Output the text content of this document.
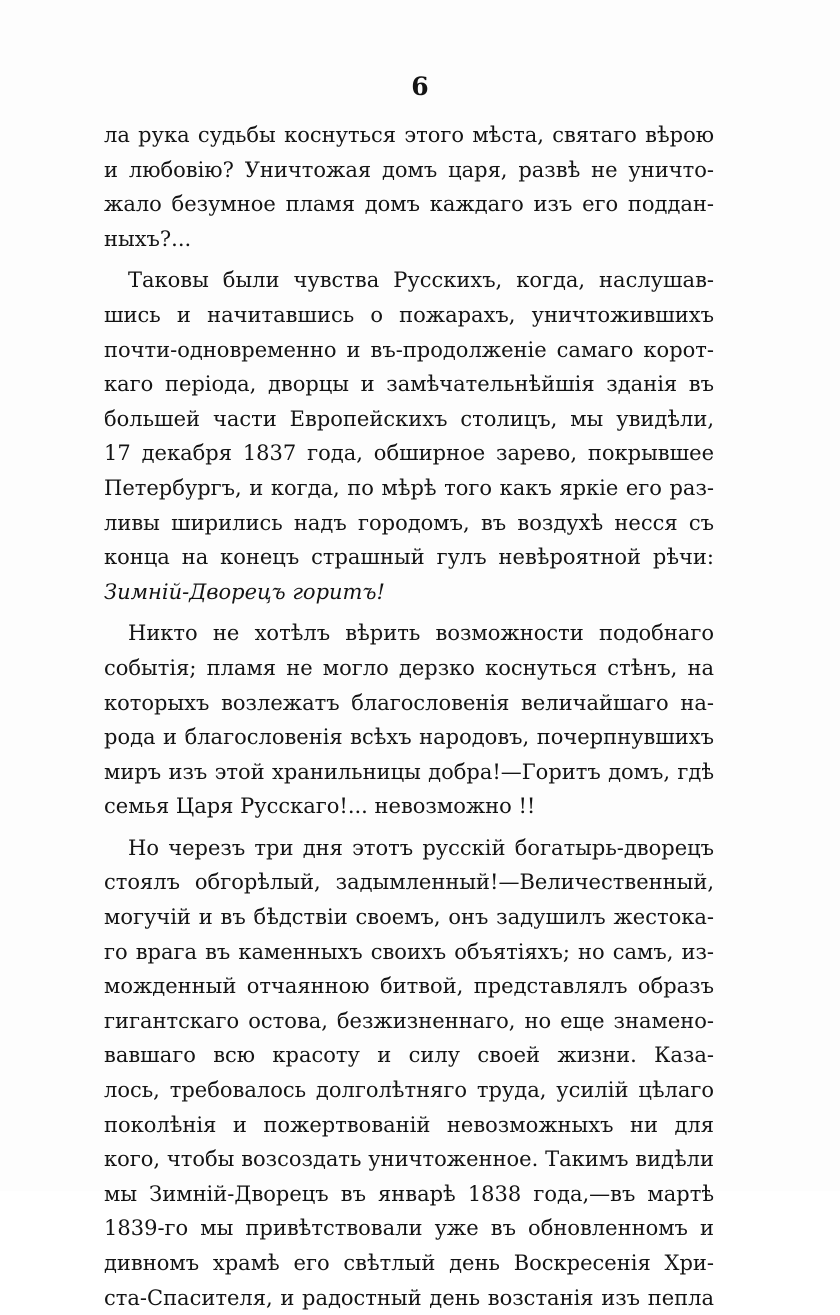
6
ла рука судьбы коснуться этого мѣста, святаго вѣрою
и любовію? Уничтожая домъ царя, развѣ не уничто-
жало безумное пламя домъ каждаго изъ его поддан-
ныхъ?...
Таковы были чувства Русскихъ, когда, наслушав-
шись и начитавшись о пожарахъ, уничтожившихъ
почти-одновременно и въ-продолженіе самаго корот-
каго періода, дворцы и замѣчательнѣйшія зданія въ
большей части Европейскихъ столицъ, мы увидѣли,
17 декабря 1837 года, обширное зарево, покрывшее
Петербургъ, и когда, по мѣрѣ того какъ яркіе его раз-
ливы ширились надъ городомъ, въ воздухѣ несся съ
конца на конецъ страшный гулъ невѣроятной рѣчи:
Зимній-Дворецъ горитъ!
Никто не хотѣлъ вѣрить возможности подобнаго
событія; пламя не могло дерзко коснуться стѣнъ, на
которыхъ возлежатъ благословенія величайшаго на-
рода и благословенія всѣхъ народовъ, почерпнувшихъ
миръ изъ этой хранильницы добра!—Горитъ домъ, гдѣ
семья Царя Русскаго!... невозможно !!
Но черезъ три дня этотъ русскій богатырь-дворецъ
стоялъ обгорѣлый, задымленный!—Величественный,
могучій и въ бѣдствіи своемъ, онъ задушилъ жестока-
го врага въ каменныхъ своихъ объятіяхъ; но самъ, из-
можденный отчаянною битвой, представлялъ образъ
гигантскаго остова, безжизненнаго, но еще знамено-
вавшаго всю красоту и силу своей жизни. Каза-
лось, требовалось долголѣтняго труда, усилій цѣлаго
поколѣнія и пожертвованій невозможныхъ ни для
кого, чтобы возсоздать уничтоженное. Такимъ видѣли
мы Зимній-Дворецъ въ январѣ 1838 года,—въ мартѣ
1839-го мы привѣтствовали уже въ обновленномъ и
дивномъ храмѣ его свѣтлый день Воскресенія Хри-
ста-Спасителя, и радостный день возстанія изъ пепла
